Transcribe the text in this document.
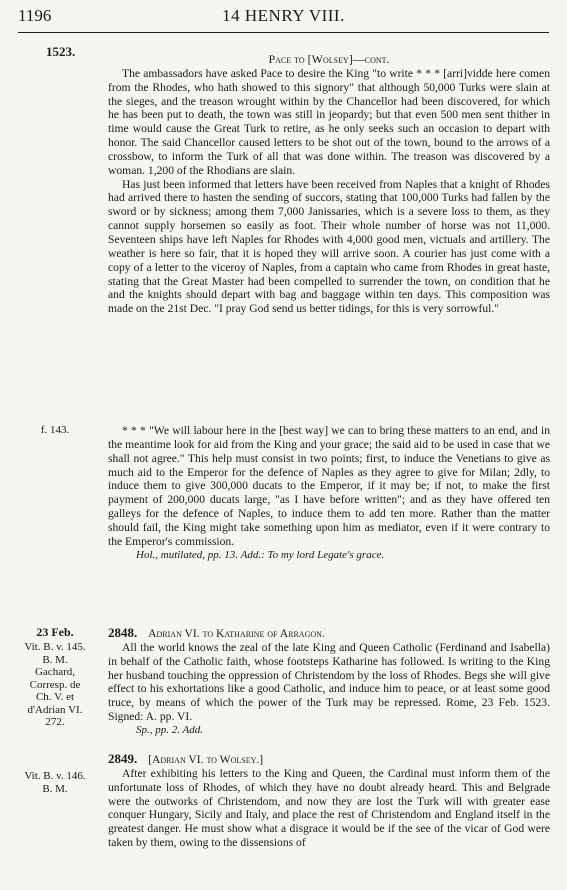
1196	14 HENRY VIII.
1523.	Pace to [Wolsey]—cont.

The ambassadors have asked Pace to desire the King "to write * * * [arri]vidde here comen from the Rhodes, who hath showed to this signory" that although 50,000 Turks were slain at the sieges, and the treason wrought within by the Chancellor had been discovered, for which he has been put to death, the town was still in jeopardy; but that even 500 men sent thither in time would cause the Great Turk to retire, as he only seeks such an occasion to depart with honor. The said Chancellor caused letters to be shot out of the town, bound to the arrows of a crossbow, to inform the Turk of all that was done within. The treason was discovered by a woman. 1,200 of the Rhodians are slain.

Has just been informed that letters have been received from Naples that a knight of Rhodes had arrived there to hasten the sending of succors, stating that 100,000 Turks had fallen by the sword or by sickness; among them 7,000 Janissaries, which is a severe loss to them, as they cannot supply horsemen so easily as foot. Their whole number of horse was not 11,000. Seventeen ships have left Naples for Rhodes with 4,000 good men, victuals and artillery. The weather is here so fair, that it is hoped they will arrive soon. A courier has just come with a copy of a letter to the viceroy of Naples, from a captain who came from Rhodes in great haste, stating that the Great Master had been compelled to surrender the town, on condition that he and the knights should depart with bag and baggage within ten days. This composition was made on the 21st Dec. "I pray God send us better tidings, for this is very sorrowful."

f. 143.	* * * "We will labour here in the [best way] we can to bring these matters to an end, and in the meantime look for aid from the King and your grace; the said aid to be used in case that we shall not agree." This help must consist in two points; first, to induce the Venetians to give as much aid to the Emperor for the defence of Naples as they agree to give for Milan; 2dly, to induce them to give 300,000 ducats to the Emperor, if it may be; if not, to make the first payment of 200,000 ducats large, "as I have before written"; and as they have offered ten galleys for the defence of Naples, to induce them to add ten more. Rather than the matter should fail, the King might take something upon him as mediator, even if it were contrary to the Emperor's commission.

Hol., mutilated, pp. 13. Add.: To my lord Legate's grace.

23 Feb.
Vit. B. v. 145.
B. M.
Gachard,
Corresp. de
Ch. V. et
d'Adrian VI.
272.
2848. Adrian VI. to Katharine of Arragon.

All the world knows the zeal of the late King and Queen Catholic (Ferdinand and Isabella) in behalf of the Catholic faith, whose footsteps Katharine has followed. Is writing to the King her husband touching the oppression of Christendom by the loss of Rhodes. Begs she will give effect to his exhortations like a good Catholic, and induce him to peace, or at least some good truce, by means of which the power of the Turk may be repressed. Rome, 23 Feb. 1523. Signed: A. pp. VI.

Sp., pp. 2. Add.

Vit. B. v. 146.
B. M.
2849. [Adrian VI. to Wolsey.]

After exhibiting his letters to the King and Queen, the Cardinal must inform them of the unfortunate loss of Rhodes, of which they have no doubt already heard. This and Belgrade were the outworks of Christendom, and now they are lost the Turk will with greater ease conquer Hungary, Sicily and Italy, and place the rest of Christendom and England itself in the greatest danger. He must show what a disgrace it would be if the see of the vicar of God were taken by them, owing to the dissensions of
